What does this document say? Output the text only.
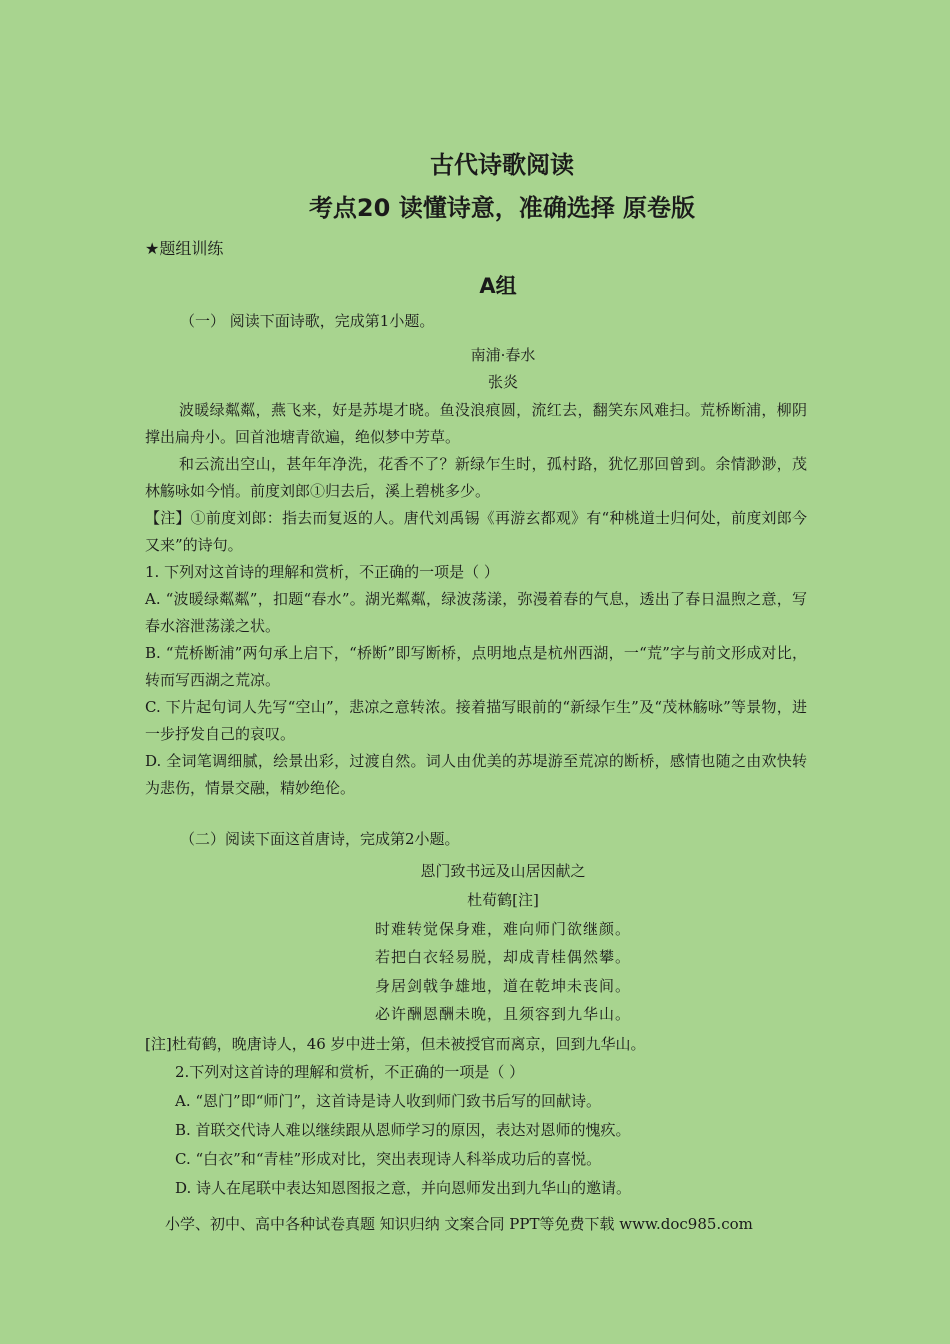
古代诗歌阅读
考点20 读懂诗意，准确选择 原卷版
★题组训练
A组
（一） 阅读下面诗歌，完成第1小题。
南浦·春水
张炎
波暖绿粼粼，燕飞来，好是苏堤才晓。鱼没浪痕圆，流红去，翻笑东风难扫。荒桥断浦，柳阴撑出扁舟小。回首池塘青欲遍，绝似梦中芳草。
和云流出空山，甚年年净洗，花香不了？新绿乍生时，孤村路，犹忆那回曾到。余情渺渺，茂林觞咏如今悄。前度刘郎①归去后，溪上碧桃多少。
【注】①前度刘郎：指去而复返的人。唐代刘禹锡《再游玄都观》有“种桃道士归何处，前度刘郎今又来”的诗句。
1. 下列对这首诗的理解和赏析，不正确的一项是（ ）
A. “波暖绿粼粼”，扣题“春水”。湖光粼粼，绿波荡漾，弥漫着春的气息，透出了春日温煦之意，写春水溶泄荡漾之状。
B. “荒桥断浦”两句承上启下，“桥断”即写断桥，点明地点是杭州西湖，一“荒”字与前文形成对比，转而写西湖之荒凉。
C. 下片起句词人先写“空山”，悲凉之意转浓。接着描写眼前的“新绿乍生”及“茂林觞咏”等景物，进一步抒发自己的哀叹。
D. 全词笔调细腻，绘景出彩，过渡自然。词人由优美的苏堤游至荒凉的断桥，感情也随之由欢快转为悲伤，情景交融，精妙绝伦。
（二）阅读下面这首唐诗，完成第2小题。
恩门致书远及山居因献之
杜荀鹤[注]
时难转觉保身难，难向师门欲继颜。
若把白衣轻易脱，却成青桂偶然攀。
身居剑戟争雄地，道在乾坤未丧间。
必许酬恩酬未晚，且须容到九华山。
[注]杜荀鹤，晚唐诗人，46 岁中进士第，但未被授官而离京，回到九华山。
2.下列对这首诗的理解和赏析，不正确的一项是（ ）
A. “恩门”即“师门”，这首诗是诗人收到师门致书后写的回献诗。
B. 首联交代诗人难以继续跟从恩师学习的原因，表达对恩师的愧疚。
C. “白衣”和“青桂”形成对比，突出表现诗人科举成功后的喜悦。
D. 诗人在尾联中表达知恩图报之意，并向恩师发出到九华山的邀请。
小学、初中、高中各种试卷真题 知识归纳 文案合同 PPT等免费下载 www.doc985.com
